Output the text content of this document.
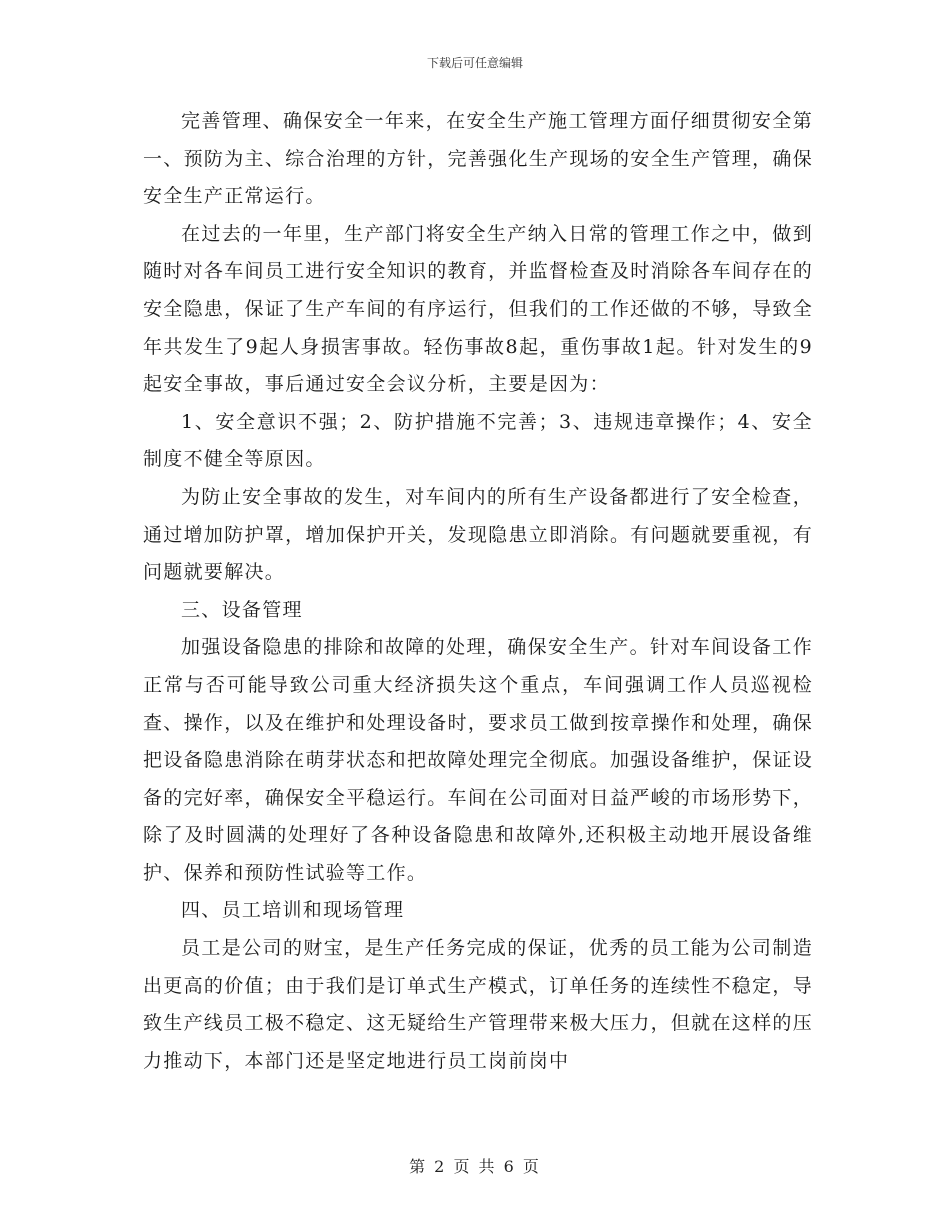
下载后可任意编辑

完善管理、确保安全一年来，在安全生产施工管理方面仔细贯彻安全第一、预防为主、综合治理的方针，完善强化生产现场的安全生产管理，确保安全生产正常运行。

在过去的一年里，生产部门将安全生产纳入日常的管理工作之中，做到随时对各车间员工进行安全知识的教育，并监督检查及时消除各车间存在的安全隐患，保证了生产车间的有序运行，但我们的工作还做的不够，导致全年共发生了9起人身损害事故。轻伤事故8起，重伤事故1起。针对发生的9起安全事故，事后通过安全会议分析，主要是因为：

1、安全意识不强；2、防护措施不完善；3、违规违章操作；4、安全制度不健全等原因。

为防止安全事故的发生，对车间内的所有生产设备都进行了安全检查，通过增加防护罩，增加保护开关，发现隐患立即消除。有问题就要重视，有问题就要解决。

三、设备管理

加强设备隐患的排除和故障的处理，确保安全生产。针对车间设备工作正常与否可能导致公司重大经济损失这个重点，车间强调工作人员巡视检查、操作，以及在维护和处理设备时，要求员工做到按章操作和处理，确保把设备隐患消除在萌芽状态和把故障处理完全彻底。加强设备维护，保证设备的完好率，确保安全平稳运行。车间在公司面对日益严峻的市场形势下，除了及时圆满的处理好了各种设备隐患和故障外,还积极主动地开展设备维护、保养和预防性试验等工作。

四、员工培训和现场管理

员工是公司的财宝，是生产任务完成的保证，优秀的员工能为公司制造出更高的价值；由于我们是订单式生产模式，订单任务的连续性不稳定，导致生产线员工极不稳定、这无疑给生产管理带来极大压力，但就在这样的压力推动下，本部门还是坚定地进行员工岗前岗中

第 2 页 共 6 页
